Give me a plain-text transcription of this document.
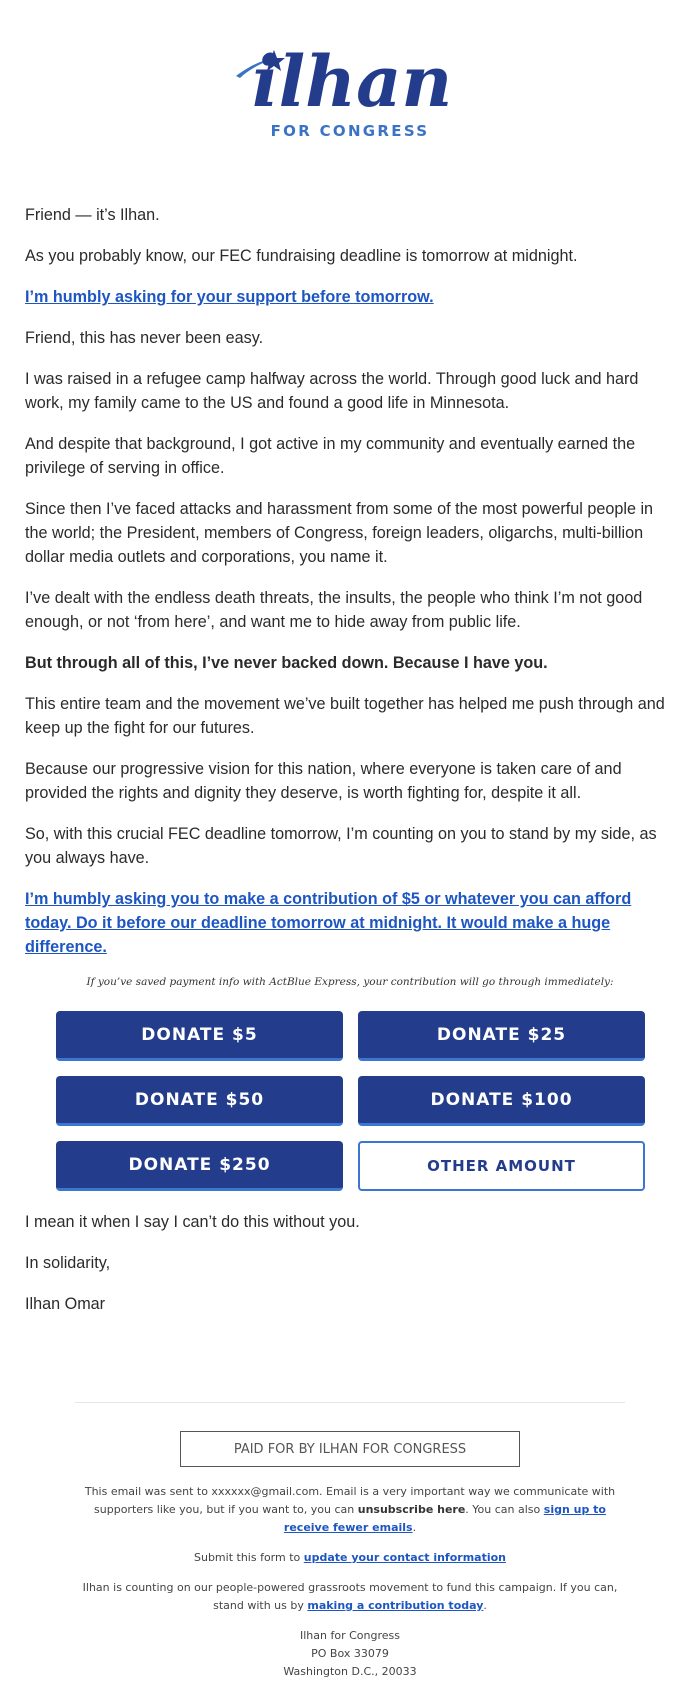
ilhan
FOR CONGRESS

Friend — it’s Ilhan.

As you probably know, our FEC fundraising deadline is tomorrow at midnight.

I’m humbly asking for your support before tomorrow.

Friend, this has never been easy.

I was raised in a refugee camp halfway across the world. Through good luck and hard work, my family came to the US and found a good life in Minnesota.

And despite that background, I got active in my community and eventually earned the privilege of serving in office.

Since then I’ve faced attacks and harassment from some of the most powerful people in the world; the President, members of Congress, foreign leaders, oligarchs, multi-billion dollar media outlets and corporations, you name it.

I’ve dealt with the endless death threats, the insults, the people who think I’m not good enough, or not ‘from here’, and want me to hide away from public life.

But through all of this, I’ve never backed down. Because I have you.

This entire team and the movement we’ve built together has helped me push through and keep up the fight for our futures.

Because our progressive vision for this nation, where everyone is taken care of and provided the rights and dignity they deserve, is worth fighting for, despite it all.

So, with this crucial FEC deadline tomorrow, I’m counting on you to stand by my side, as you always have.

I’m humbly asking you to make a contribution of $5 or whatever you can afford today. Do it before our deadline tomorrow at midnight. It would make a huge difference.

If you’ve saved payment info with ActBlue Express, your contribution will go through immediately:

DONATE $5	DONATE $25
DONATE $50	DONATE $100
DONATE $250	OTHER AMOUNT

I mean it when I say I can’t do this without you.

In solidarity,

Ilhan Omar

PAID FOR BY ILHAN FOR CONGRESS

This email was sent to xxxxxx@gmail.com. Email is a very important way we communicate with supporters like you, but if you want to, you can unsubscribe here. You can also sign up to receive fewer emails.

Submit this form to update your contact information

Ilhan is counting on our people-powered grassroots movement to fund this campaign. If you can, stand with us by making a contribution today.

Ilhan for Congress
PO Box 33079
Washington D.C., 20033
